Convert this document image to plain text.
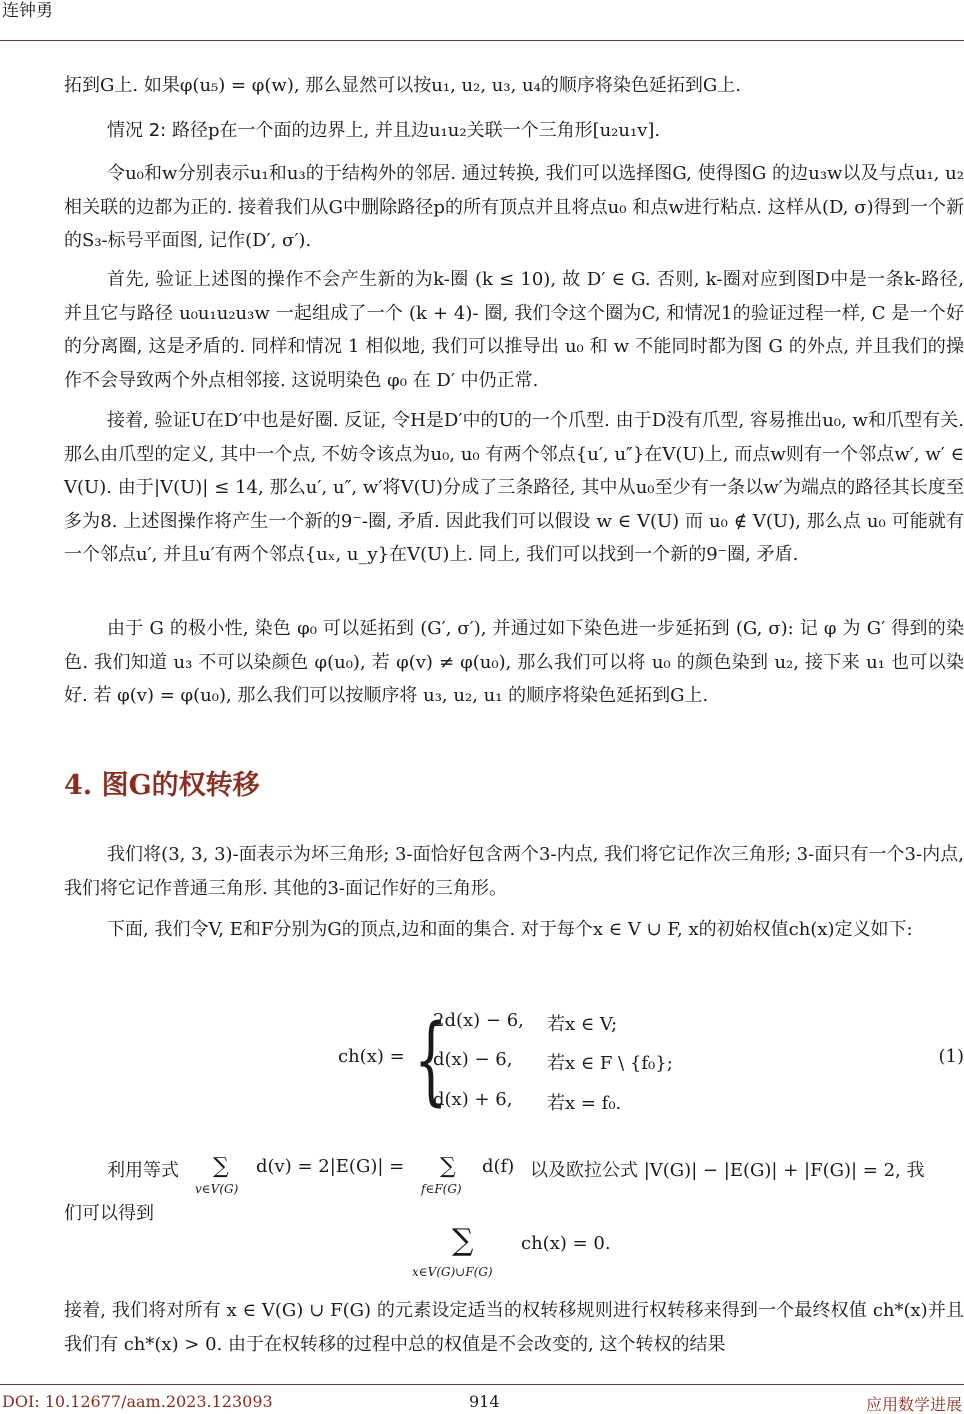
连钟勇
拓到G上. 如果φ(u₅) = φ(w), 那么显然可以按u₁, u₂, u₃, u₄的顺序将染色延拓到G上.
情况 2: 路径p在一个面的边界上, 并且边u₁u₂关联一个三角形[u₂u₁v].
令u₀和w分别表示u₁和u₃的于结构外的邻居. 通过转换, 我们可以选择图G, 使得图G 的边u₃w以及与点u₁, u₂相关联的边都为正的. 接着我们从G中删除路径p的所有顶点并且将点u₀ 和点w进行粘点. 这样从(D, σ)得到一个新的S₃-标号平面图, 记作(D′, σ′).
首先, 验证上述图的操作不会产生新的为k-圈 (k ≤ 10), 故 D′ ∈ G. 否则, k-圈对应到图D中是一条k-路径, 并且它与路径 u₀u₁u₂u₃w 一起组成了一个 (k + 4)- 圈, 我们令这个圈为C, 和情况1的验证过程一样, C 是一个好的分离圈, 这是矛盾的. 同样和情况 1 相似地, 我们可以推导出 u₀ 和 w 不能同时都为图 G 的外点, 并且我们的操作不会导致两个外点相邻接. 这说明染色 φ₀ 在 D′ 中仍正常.
接着, 验证U在D′中也是好圈. 反证, 令H是D′中的U的一个爪型. 由于D没有爪型, 容易推出u₀, w和爪型有关. 那么由爪型的定义, 其中一个点, 不妨令该点为u₀, u₀ 有两个邻点{u′, u″}在V(U)上, 而点w则有一个邻点w′, w′ ∈ V(U). 由于|V(U)| ≤ 14, 那么u′, u″, w′将V(U)分成了三条路径, 其中从u₀至少有一条以w′为端点的路径其长度至多为8. 上述图操作将产生一个新的9⁻-圈, 矛盾. 因此我们可以假设 w ∈ V(U) 而 u₀ ∉ V(U), 那么点 u₀ 可能就有一个邻点u′, 并且u′有两个邻点{uₓ, u_y}在V(U)上. 同上, 我们可以找到一个新的9⁻圈, 矛盾.
由于 G 的极小性, 染色 φ₀ 可以延拓到 (G′, σ′), 并通过如下染色进一步延拓到 (G, σ): 记 φ 为 G′ 得到的染色. 我们知道 u₃ 不可以染颜色 φ(u₀), 若 φ(v) ≠ φ(u₀), 那么我们可以将 u₀ 的颜色染到 u₂, 接下来 u₁ 也可以染好. 若 φ(v) = φ(u₀), 那么我们可以按顺序将 u₃, u₂, u₁ 的顺序将染色延拓到G上.
4. 图G的权转移
我们将(3, 3, 3)-面表示为坏三角形; 3-面恰好包含两个3-内点, 我们将它记作次三角形; 3-面只有一个3-内点, 我们将它记作普通三角形. 其他的3-面记作好的三角形。
下面, 我们令V, E和F分别为G的顶点,边和面的集合. 对于每个x ∈ V ∪ F, x的初始权值ch(x)定义如下:
ch(x) = {
2d(x) − 6, 若x ∈ V;
d(x) − 6, 若x ∈ F \ {f₀};
d(x) + 6, 若x = f₀.
(1)
利用等式 ∑
v∈V(G)
d(v) = 2|E(G)| = ∑
f∈F(G)
d(f) 以及欧拉公式 |V(G)| − |E(G)| + |F(G)| = 2, 我
们可以得到
∑
x∈V(G)∪F(G)
ch(x) = 0.
接着, 我们将对所有 x ∈ V(G) ∪ F(G) 的元素设定适当的权转移规则进行权转移来得到一个最终权值 ch*(x)并且我们有 ch*(x) > 0. 由于在权转移的过程中总的权值是不会改变的, 这个转权的结果
DOI: 10.12677/aam.2023.123093	914	应用数学进展
